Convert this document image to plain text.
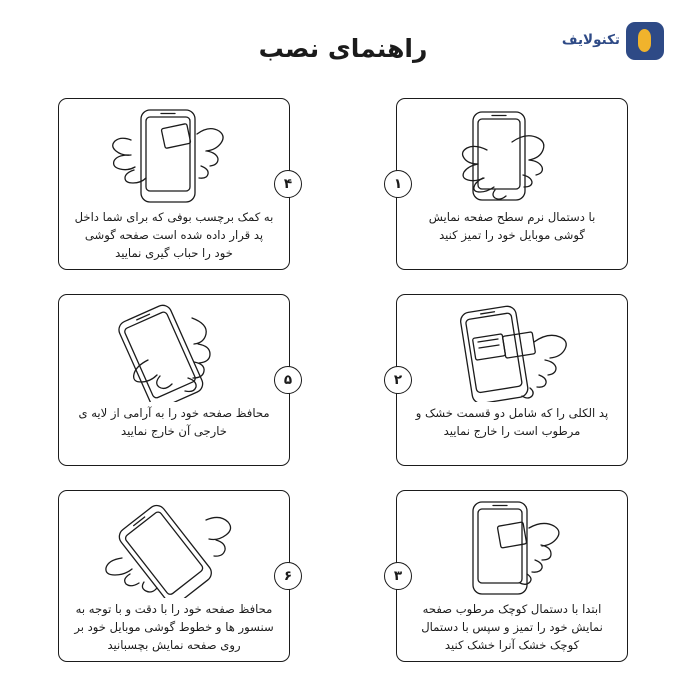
تکنولایف
راهنمای نصب
با دستمال نرم سطح صفحه نمایش گوشی موبایل خود را تمیز کنید
۱
به کمک برچسب بوفی که برای شما داخل پد قرار داده شده است صفحه گوشی خود را حباب گیری نمایید
۴
پد الکلی را که شامل دو قسمت خشک و مرطوب است را خارج نمایید
۲
محافظ صفحه خود را به آرامی از لایه ی خارجی آن خارج نمایید
۵
ابتدا با دستمال کوچک مرطوب صفحه نمایش خود را تمیز و سپس با دستمال کوچک خشک آنرا خشک کنید
۳
محافظ صفحه خود را با دقت و با توجه به سنسور ها و خطوط گوشی موبایل خود بر روی صفحه نمایش بچسبانید
۶
